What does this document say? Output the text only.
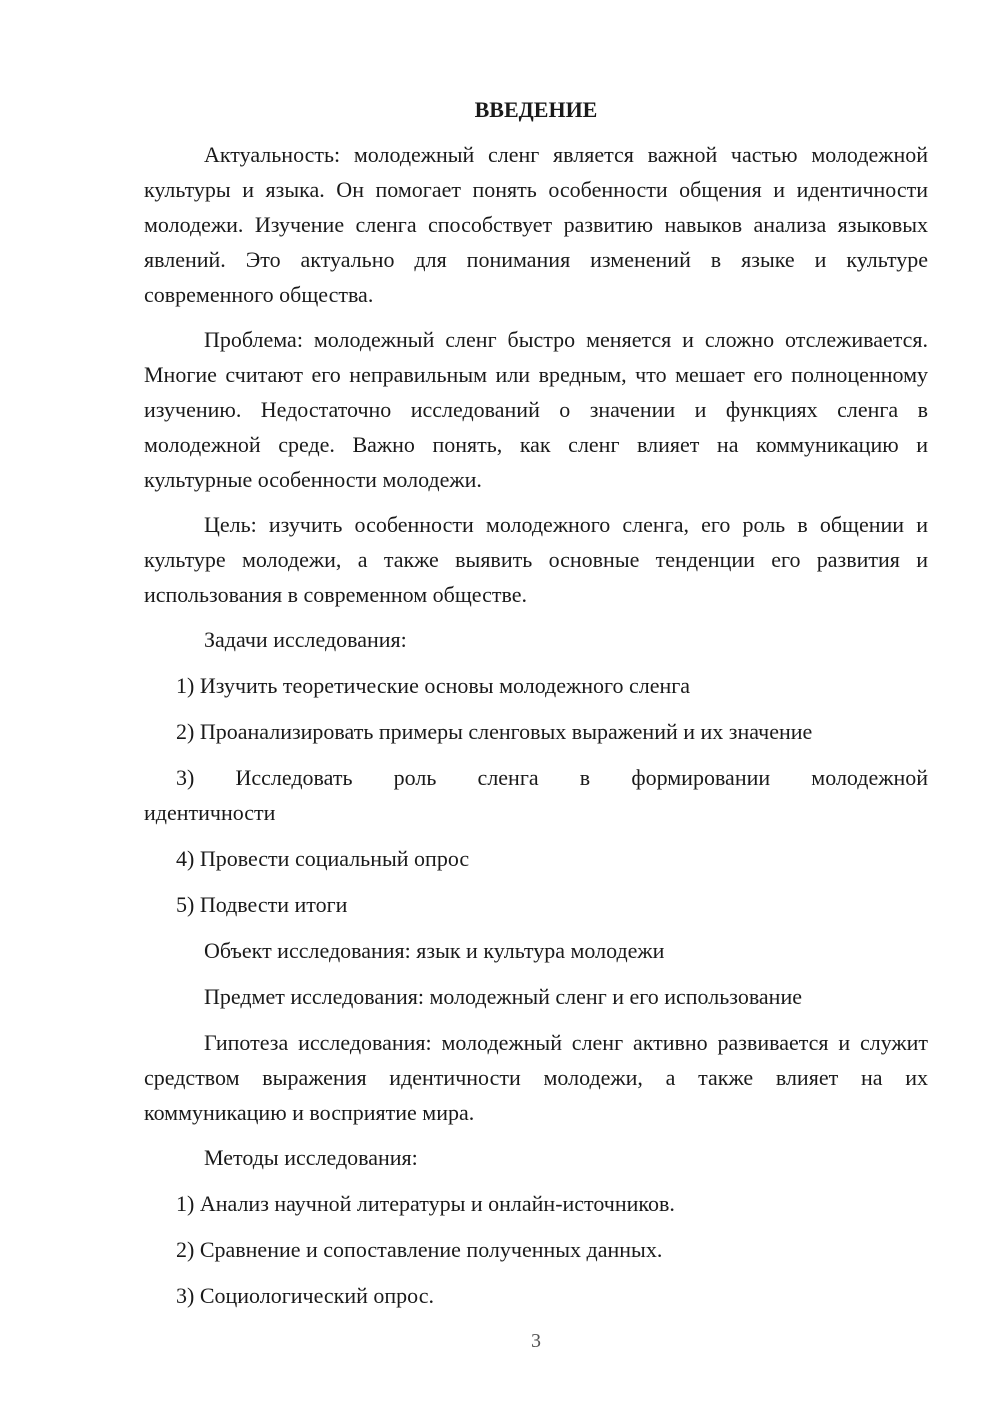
ВВЕДЕНИЕ

Актуальность: молодежный сленг является важной частью молодежной культуры и языка. Он помогает понять особенности общения и идентичности молодежи. Изучение сленга способствует развитию навыков анализа языковых явлений. Это актуально для понимания изменений в языке и культуре современного общества.

Проблема: молодежный сленг быстро меняется и сложно отслеживается. Многие считают его неправильным или вредным, что мешает его полноценному изучению. Недостаточно исследований о значении и функциях сленга в молодежной среде. Важно понять, как сленг влияет на коммуникацию и культурные особенности молодежи.

Цель: изучить особенности молодежного сленга, его роль в общении и культуре молодежи, а также выявить основные тенденции его развития и использования в современном обществе.

Задачи исследования:

1) Изучить теоретические основы молодежного сленга

2) Проанализировать примеры сленговых выражений и их значение

3) Исследовать роль сленга в формировании молодежной

идентичности

4) Провести социальный опрос

5) Подвести итоги

Объект исследования: язык и культура молодежи

Предмет исследования: молодежный сленг и его использование

Гипотеза исследования: молодежный сленг активно развивается и служит средством выражения идентичности молодежи, а также влияет на их коммуникацию и восприятие мира.

Методы исследования:

1) Анализ научной литературы и онлайн-источников.

2) Сравнение и сопоставление полученных данных.

3) Социологический опрос.

3
